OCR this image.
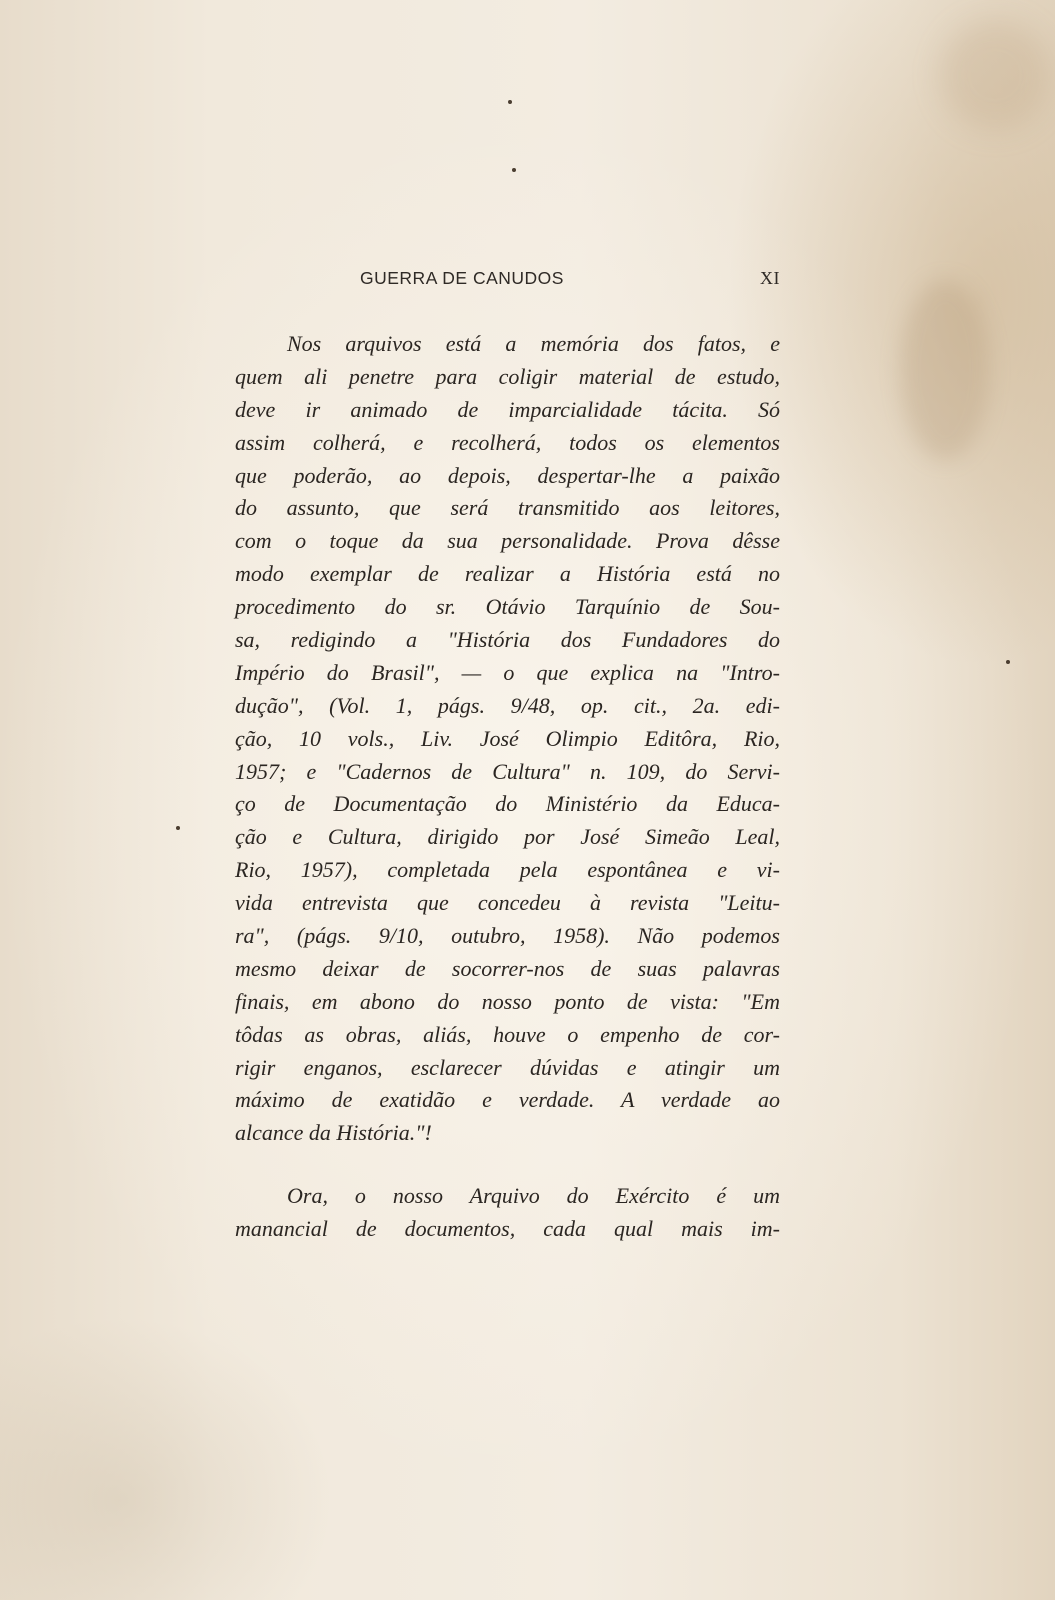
GUERRA DE CANUDOS	XI
Nos arquivos está a memória dos fatos, e
quem ali penetre para coligir material de estudo,
deve ir animado de imparcialidade tácita. Só
assim colherá, e recolherá, todos os elementos
que poderão, ao depois, despertar-lhe a paixão
do assunto, que será transmitido aos leitores,
com o toque da sua personalidade. Prova dêsse
modo exemplar de realizar a História está no
procedimento do sr. Otávio Tarquínio de Sou-
sa, redigindo a "História dos Fundadores do
Império do Brasil", — o que explica na "Intro-
dução", (Vol. 1, págs. 9/48, op. cit., 2a. edi-
ção, 10 vols., Liv. José Olimpio Editôra, Rio,
1957; e "Cadernos de Cultura" n. 109, do Servi-
ço de Documentação do Ministério da Educa-
ção e Cultura, dirigido por José Simeão Leal,
Rio, 1957), completada pela espontânea e vi-
vida entrevista que concedeu à revista "Leitu-
ra", (págs. 9/10, outubro, 1958). Não podemos
mesmo deixar de socorrer-nos de suas palavras
finais, em abono do nosso ponto de vista: "Em
tôdas as obras, aliás, houve o empenho de cor-
rigir enganos, esclarecer dúvidas e atingir um
máximo de exatidão e verdade. A verdade ao
alcance da História."!
Ora, o nosso Arquivo do Exército é um
manancial de documentos, cada qual mais im-
